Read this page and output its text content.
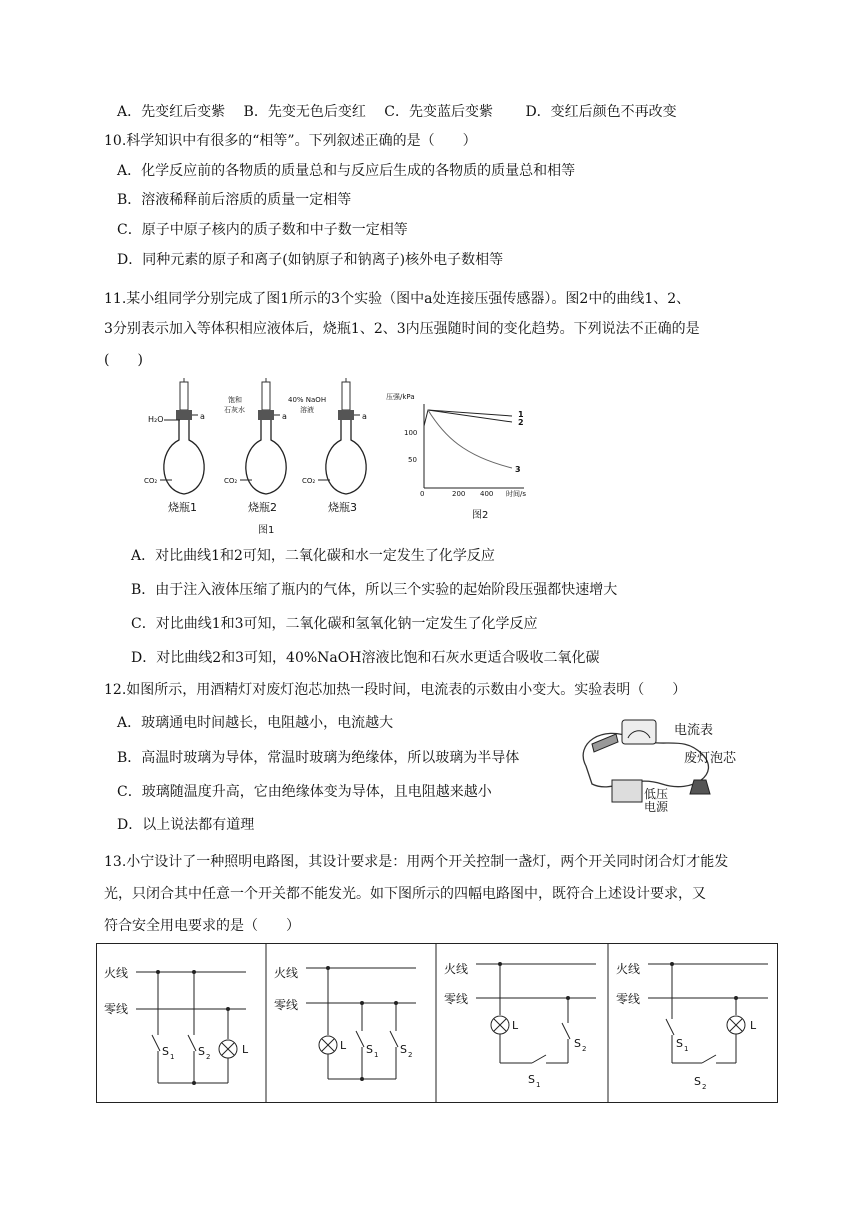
A．先变红后变紫　 B．先变无色后变红　 C．先变蓝后变紫　　 D．变红后颜色不再改变
10.科学知识中有很多的“相等”。下列叙述正确的是（　　）
A．化学反应前的各物质的质量总和与反应后生成的各物质的质量总和相等
B．溶液稀释前后溶质的质量一定相等
C．原子中原子核内的质子数和中子数一定相等
D．同种元素的原子和离子(如钠原子和钠离子)核外电子数相等
11.某小组同学分别完成了图1所示的3个实验（图中a处连接压强传感器）。图2中的曲线1、2、
3分别表示加入等体积相应液体后，烧瓶1、2、3内压强随时间的变化趋势。下列说法不正确的是
(　　)
H₂O
饱和
石灰水
40% NaOH
溶液
a	a	a
CO₂	CO₂	CO₂
烧瓶1	烧瓶2	烧瓶3
图1
压强/kPa
100
50
0	200 400 时间/s
1
2
3
图2
A．对比曲线1和2可知，二氧化碳和水一定发生了化学反应
B．由于注入液体压缩了瓶内的气体，所以三个实验的起始阶段压强都快速增大
C．对比曲线1和3可知，二氧化碳和氢氧化钠一定发生了化学反应
D．对比曲线2和3可知，40%NaOH溶液比饱和石灰水更适合吸收二氧化碳
12.如图所示，用酒精灯对废灯泡芯加热一段时间，电流表的示数由小变大。实验表明（　　）
A．玻璃通电时间越长，电阻越小，电流越大
B．高温时玻璃为导体，常温时玻璃为绝缘体，所以玻璃为半导体
C．玻璃随温度升高，它由绝缘体变为导体，且电阻越来越小
D．以上说法都有道理
电流表
废灯泡芯
低压
电源
13.小宁设计了一种照明电路图，其设计要求是：用两个开关控制一盏灯，两个开关同时闭合灯才能发
光，只闭合其中任意一个开关都不能发光。如下图所示的四幅电路图中，既符合上述设计要求，又
符合安全用电要求的是（　　）
火线
零线
S 1 S 2
L
火线
零线
L S 1 S 2
火线
零线
L
S 1
S 2
火线
零线
S 1
S 2
L
